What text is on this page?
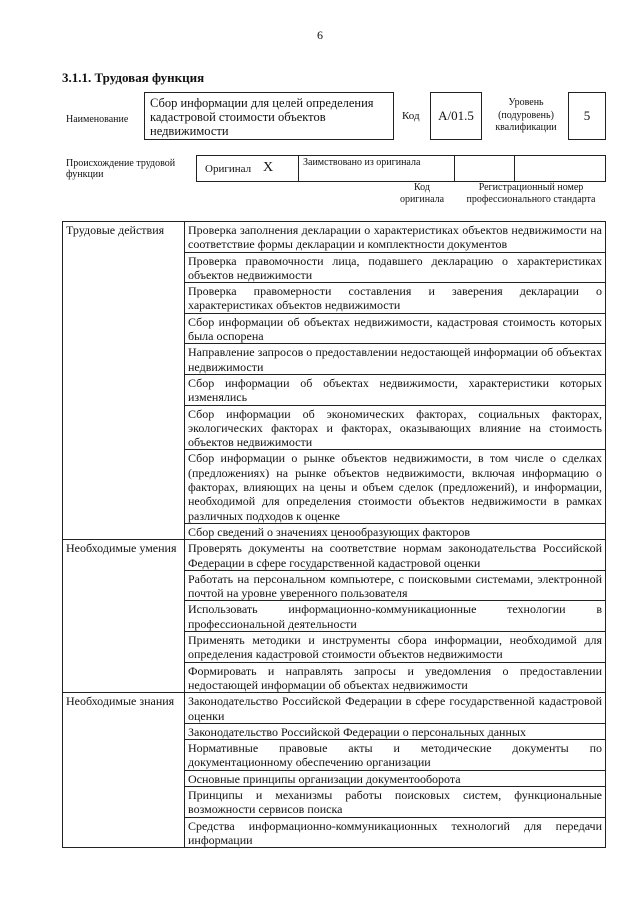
6
3.1.1. Трудовая функция
Наименование
Сбор информации для целей определения кадастровой стоимости объектов недвижимости
Код	A/01.5
Уровень (подуровень) квалификации
5
Происхождение трудовой функции	Оригинал X	Заимствовано из оригинала
Код оригинала
Регистрационный номер профессионального стандарта
Трудовые действия	Проверка заполнения декларации о характеристиках объектов недвижимости на соответствие формы декларации и комплектности документов
	Проверка правомочности лица, подавшего декларацию о характеристиках объектов недвижимости
	Проверка правомерности составления и заверения декларации о характеристиках объектов недвижимости
	Сбор информации об объектах недвижимости, кадастровая стоимость которых была оспорена
	Направление запросов о предоставлении недостающей информации об объектах недвижимости
	Сбор информации об объектах недвижимости, характеристики которых изменялись
	Сбор информации об экономических факторах, социальных факторах, экологических факторах и факторах, оказывающих влияние на стоимость объектов недвижимости
	Сбор информации о рынке объектов недвижимости, в том числе о сделках (предложениях) на рынке объектов недвижимости, включая информацию о факторах, влияющих на цены и объем сделок (предложений), и информации, необходимой для определения стоимости объектов недвижимости в рамках различных подходов к оценке
	Сбор сведений о значениях ценообразующих факторов
Необходимые умения	Проверять документы на соответствие нормам законодательства Российской Федерации в сфере государственной кадастровой оценки
	Работать на персональном компьютере, с поисковыми системами, электронной почтой на уровне уверенного пользователя
	Использовать информационно-коммуникационные технологии в профессиональной деятельности
	Применять методики и инструменты сбора информации, необходимой для определения кадастровой стоимости объектов недвижимости
	Формировать и направлять запросы и уведомления о предоставлении недостающей информации об объектах недвижимости
Необходимые знания	Законодательство Российской Федерации в сфере государственной кадастровой оценки
	Законодательство Российской Федерации о персональных данных
	Нормативные правовые акты и методические документы по документационному обеспечению организации
	Основные принципы организации документооборота
	Принципы и механизмы работы поисковых систем, функциональные возможности сервисов поиска
	Средства информационно-коммуникационных технологий для передачи информации
